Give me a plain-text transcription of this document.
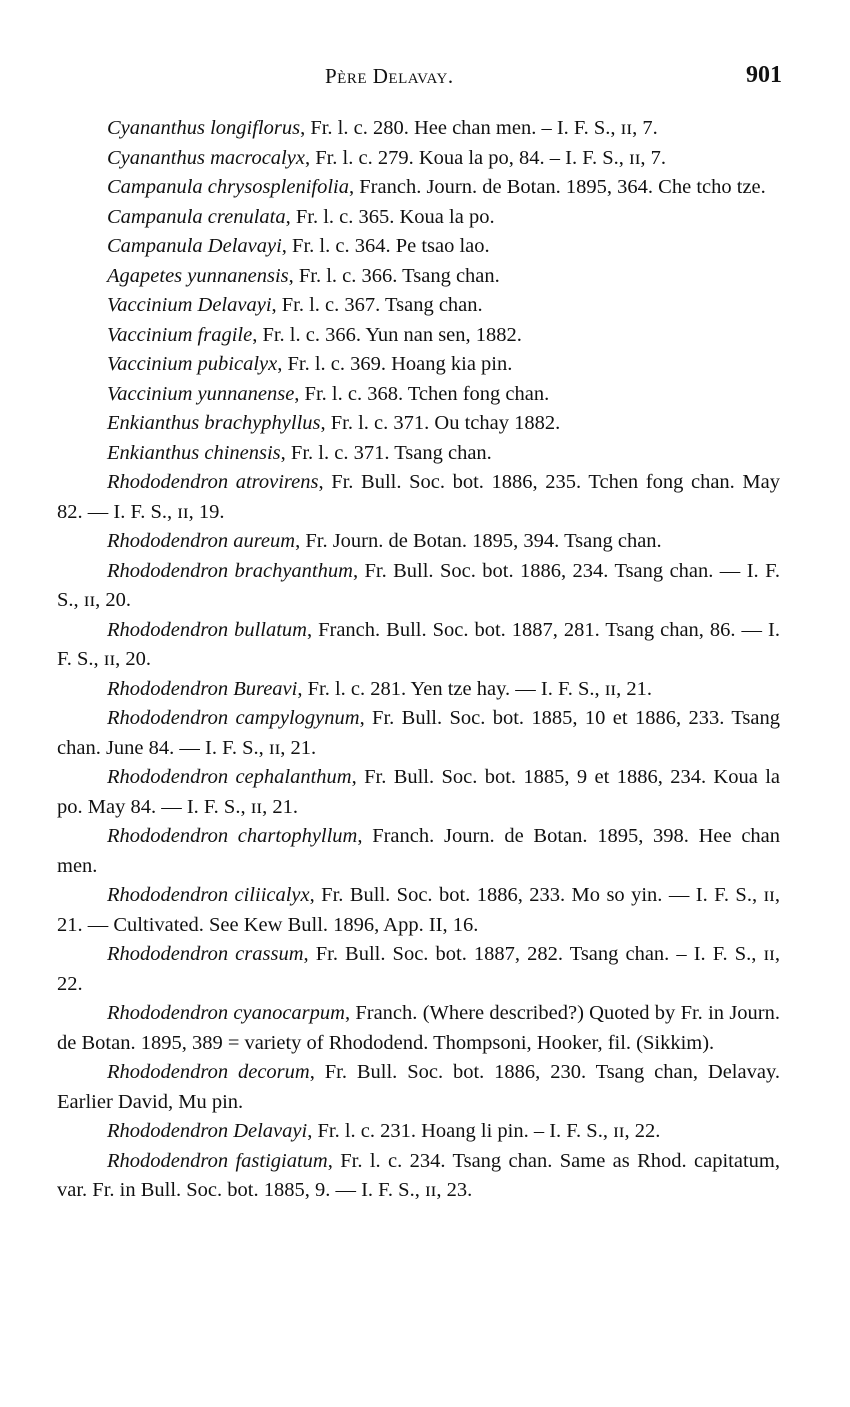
Père Delavay.	901

Cyananthus longiflorus, Fr. l. c. 280. Hee chan men. – I. F. S., ɪɪ, 7.

Cyananthus macrocalyx, Fr. l. c. 279. Koua la po, 84. – I. F. S., ɪɪ, 7.

Campanula chrysosplenifolia, Franch. Journ. de Botan. 1895, 364. Che tcho tze.

Campanula crenulata, Fr. l. c. 365. Koua la po.

Campanula Delavayi, Fr. l. c. 364. Pe tsao lao.

Agapetes yunnanensis, Fr. l. c. 366. Tsang chan.

Vaccinium Delavayi, Fr. l. c. 367. Tsang chan.

Vaccinium fragile, Fr. l. c. 366. Yun nan sen, 1882.

Vaccinium pubicalyx, Fr. l. c. 369. Hoang kia pin.

Vaccinium yunnanense, Fr. l. c. 368. Tchen fong chan.

Enkianthus brachyphyllus, Fr. l. c. 371. Ou tchay 1882.

Enkianthus chinensis, Fr. l. c. 371. Tsang chan.

Rhododendron atrovirens, Fr. Bull. Soc. bot. 1886, 235. Tchen fong chan. May 82. — I. F. S., ɪɪ, 19.

Rhododendron aureum, Fr. Journ. de Botan. 1895, 394. Tsang chan.

Rhododendron brachyanthum, Fr. Bull. Soc. bot. 1886, 234. Tsang chan. — I. F. S., ɪɪ, 20.

Rhododendron bullatum, Franch. Bull. Soc. bot. 1887, 281. Tsang chan, 86. — I. F. S., ɪɪ, 20.

Rhododendron Bureavi, Fr. l. c. 281. Yen tze hay. — I. F. S., ɪɪ, 21.

Rhododendron campylogynum, Fr. Bull. Soc. bot. 1885, 10 et 1886, 233. Tsang chan. June 84. — I. F. S., ɪɪ, 21.

Rhododendron cephalanthum, Fr. Bull. Soc. bot. 1885, 9 et 1886, 234. Koua la po. May 84. — I. F. S., ɪɪ, 21.

Rhododendron chartophyllum, Franch. Journ. de Botan. 1895, 398. Hee chan men.

Rhododendron ciliicalyx, Fr. Bull. Soc. bot. 1886, 233. Mo so yin. — I. F. S., ɪɪ, 21. — Cultivated. See Kew Bull. 1896, App. II, 16.

Rhododendron crassum, Fr. Bull. Soc. bot. 1887, 282. Tsang chan. – I. F. S., ɪɪ, 22.

Rhododendron cyanocarpum, Franch. (Where described?) Quoted by Fr. in Journ. de Botan. 1895, 389 = variety of Rhododend. Thompsoni, Hooker, fil. (Sikkim).

Rhododendron decorum, Fr. Bull. Soc. bot. 1886, 230. Tsang chan, Delavay. Earlier David, Mu pin.

Rhododendron Delavayi, Fr. l. c. 231. Hoang li pin. – I. F. S., ɪɪ, 22.

Rhododendron fastigiatum, Fr. l. c. 234. Tsang chan. Same as Rhod. capitatum, var. Fr. in Bull. Soc. bot. 1885, 9. — I. F. S., ɪɪ, 23.
